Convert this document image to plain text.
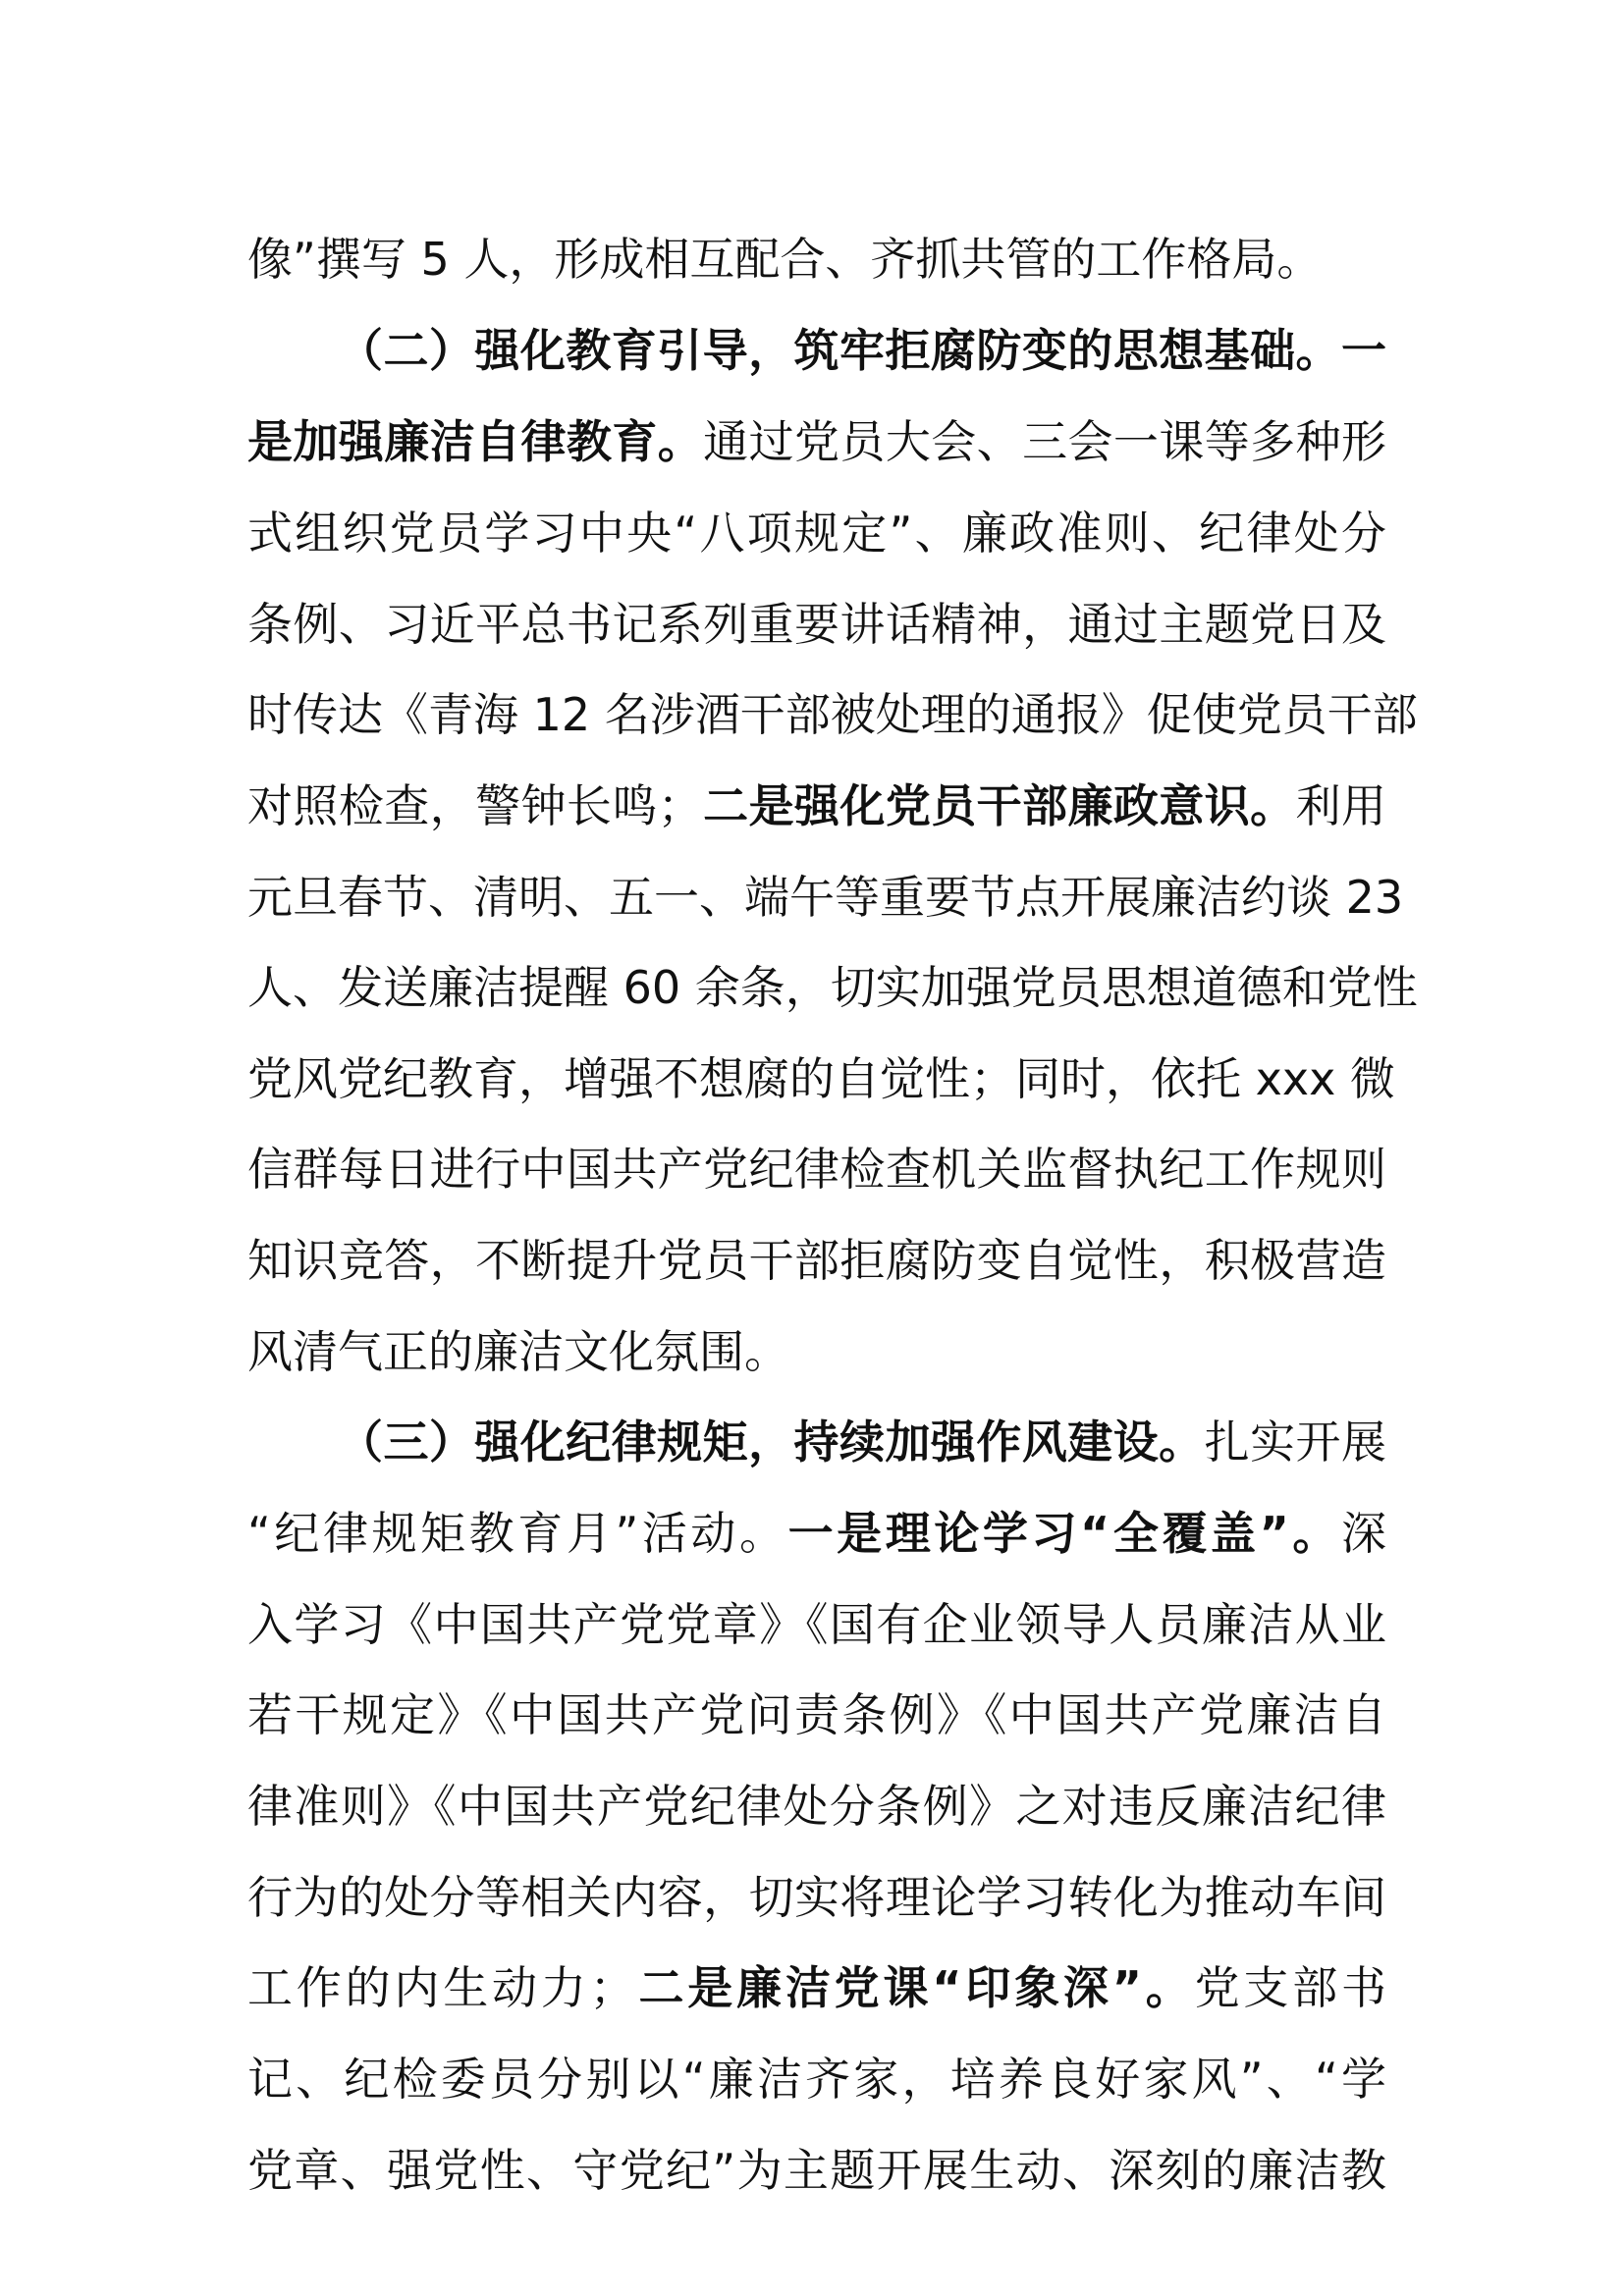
像”撰写 5 人，形成相互配合、齐抓共管的工作格局。
（二）强化教育引导，筑牢拒腐防变的思想基础。一
是加强廉洁自律教育。通过党员大会、三会一课等多种形
式组织党员学习中央“八项规定”、廉政准则、纪律处分
条例、习近平总书记系列重要讲话精神，通过主题党日及
时传达《青海 12 名涉酒干部被处理的通报》促使党员干部
对照检查，警钟长鸣；二是强化党员干部廉政意识。利用
元旦春节、清明、五一、端午等重要节点开展廉洁约谈 23
人、发送廉洁提醒 60 余条，切实加强党员思想道德和党性
党风党纪教育，增强不想腐的自觉性；同时，依托 xxx 微
信群每日进行中国共产党纪律检查机关监督执纪工作规则
知识竞答，不断提升党员干部拒腐防变自觉性，积极营造
风清气正的廉洁文化氛围。
（三）强化纪律规矩，持续加强作风建设。扎实开展
“纪律规矩教育月”活动。一是理论学习“全覆盖”。深
入学习《中国共产党党章》《国有企业领导人员廉洁从业
若干规定》《中国共产党问责条例》《中国共产党廉洁自
律准则》《中国共产党纪律处分条例》之对违反廉洁纪律
行为的处分等相关内容，切实将理论学习转化为推动车间
工作的内生动力；二是廉洁党课“印象深”。党支部书
记、纪检委员分别以“廉洁齐家，培养良好家风”、“学
党章、强党性、守党纪”为主题开展生动、深刻的廉洁教
